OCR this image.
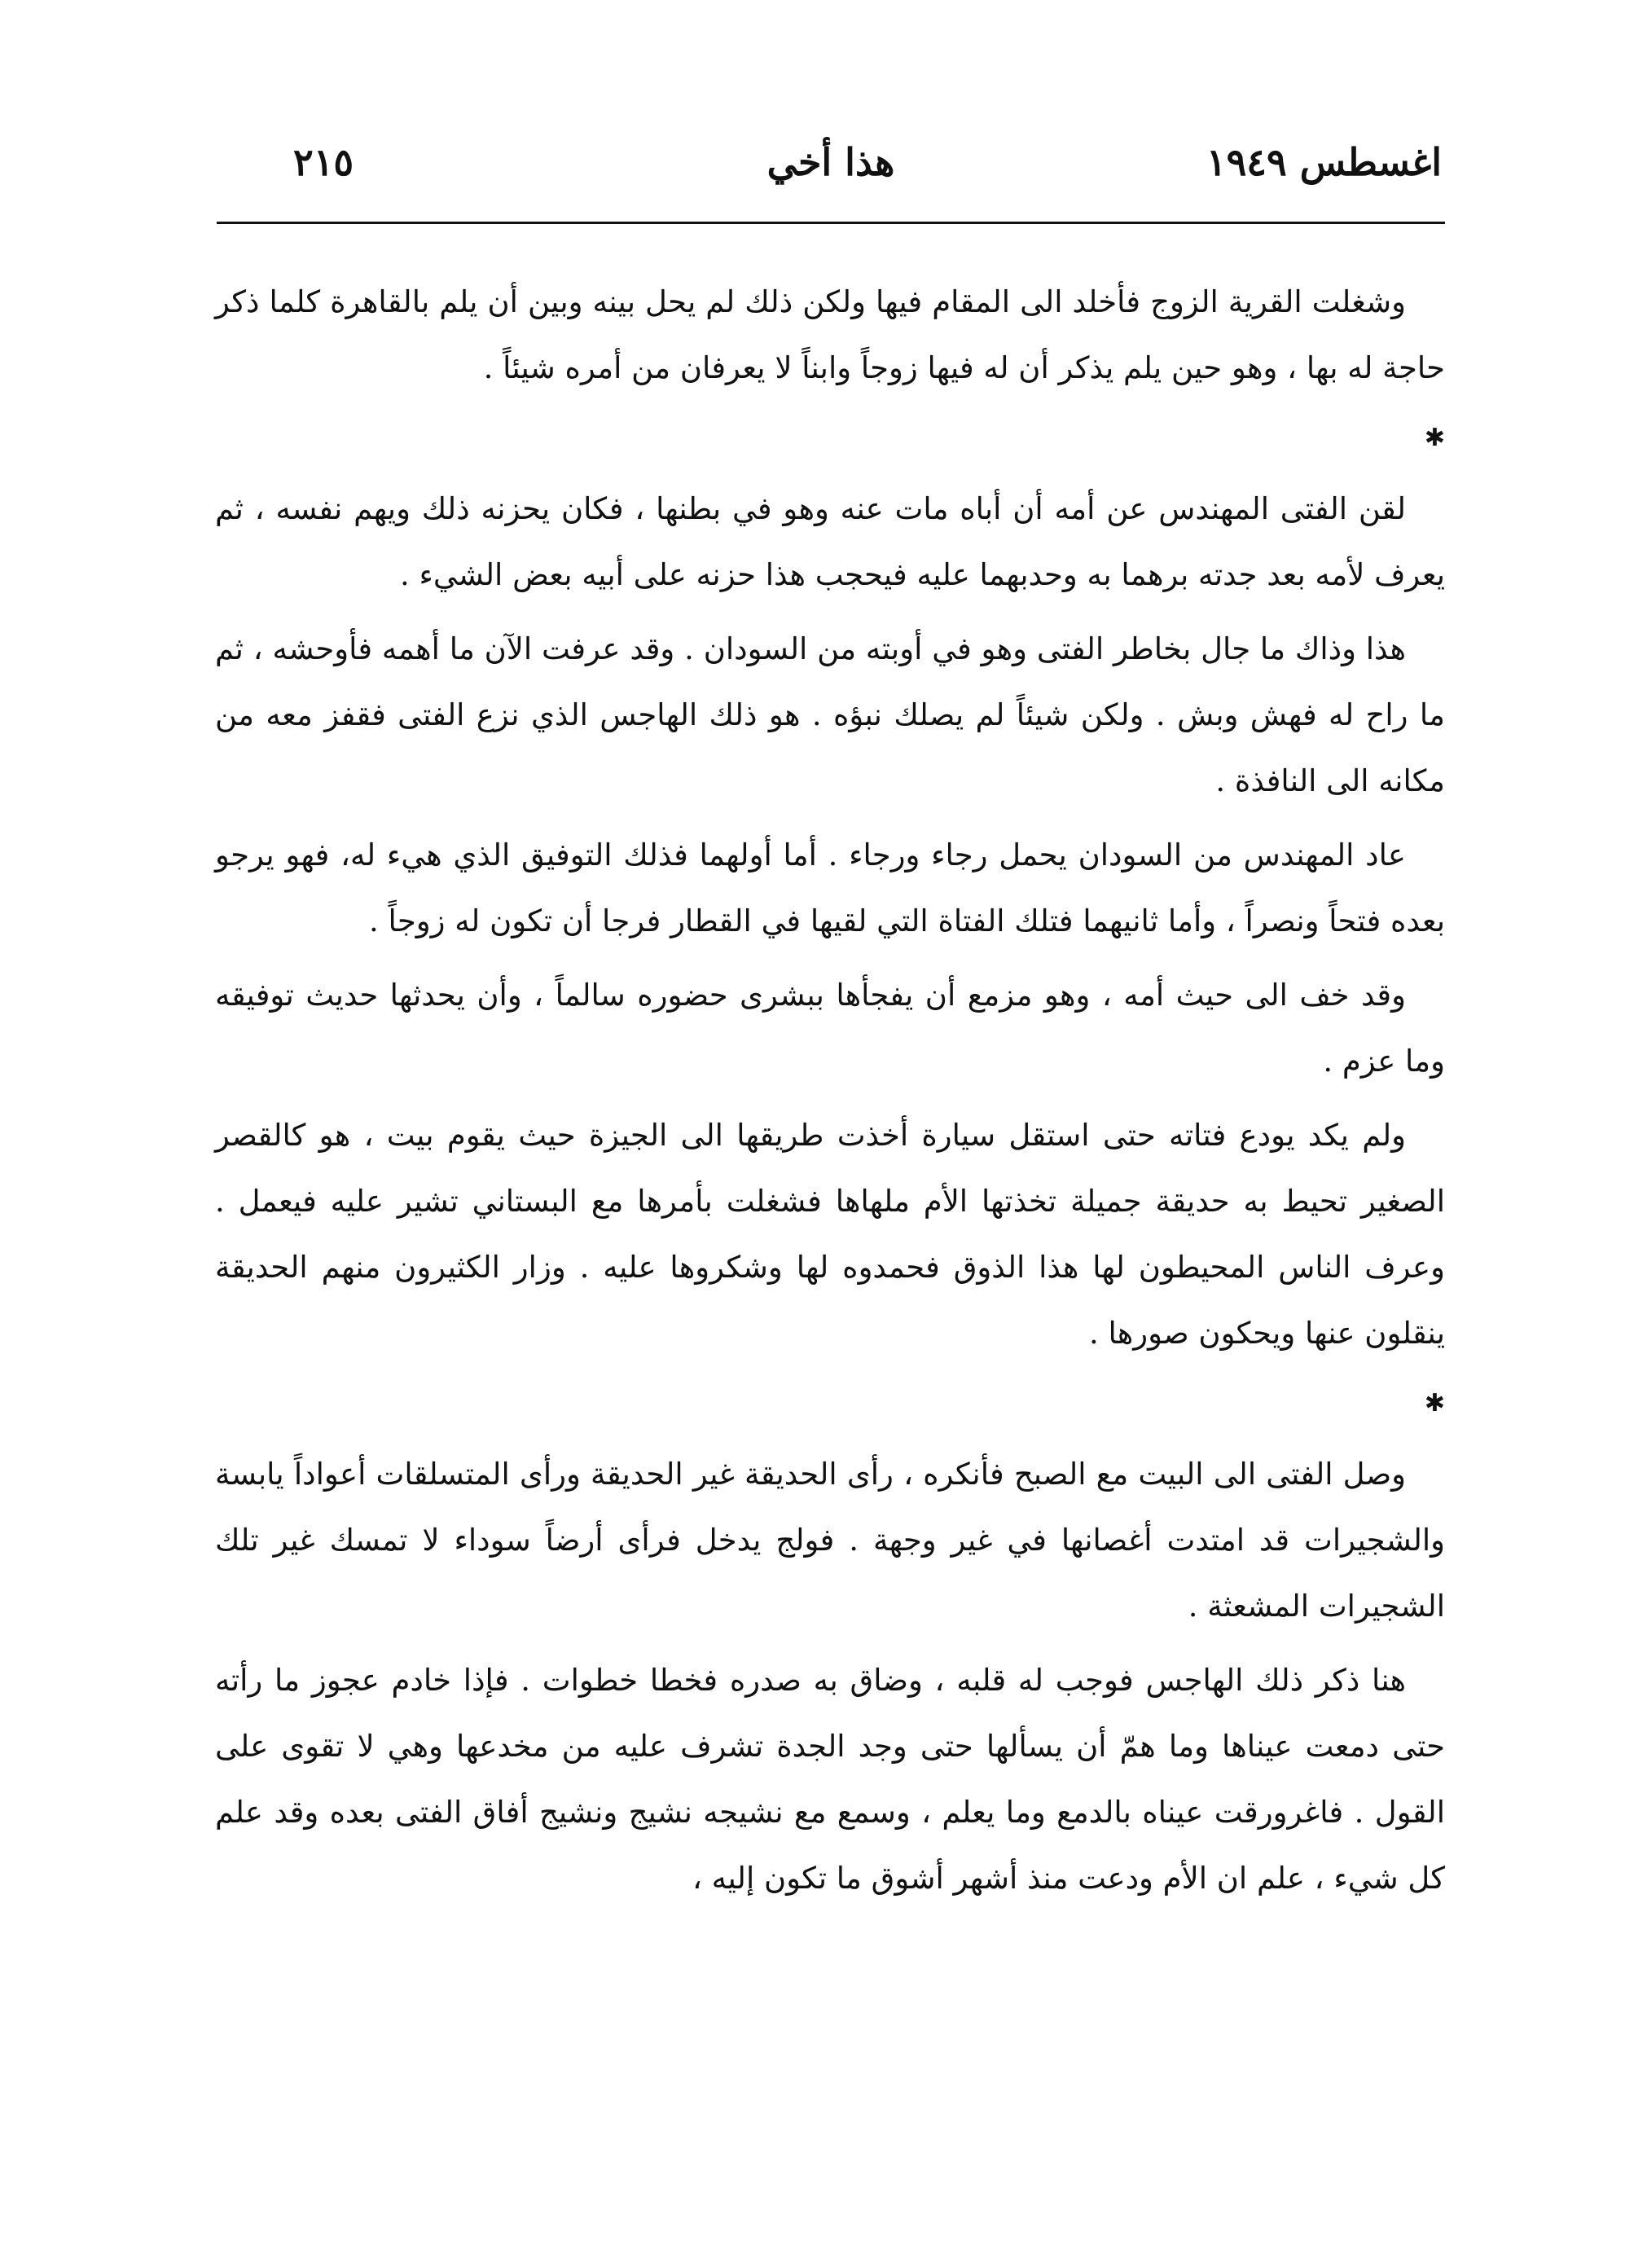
اغسطس ١٩٤٩
هذا أخي
٢١٥

وشغلت القرية الزوج فأخلد الى المقام فيها ولكن ذلك لم يحل بينه وبين أن يلم بالقاهرة كلما ذكر حاجة له بها ، وهو حين يلم يذكر أن له فيها زوجاً وابناً لا يعرفان من أمره شيئاً .

✱

لقن الفتى المهندس عن أمه أن أباه مات عنه وهو في بطنها ، فكان يحزنه ذلك ويهم نفسه ، ثم يعرف لأمه بعد جدته برهما به وحدبهما عليه فيحجب هذا حزنه على أبيه بعض الشيء .

هذا وذاك ما جال بخاطر الفتى وهو في أوبته من السودان . وقد عرفت الآن ما أهمه فأوحشه ، ثم ما راح له فهش وبش . ولكن شيئاً لم يصلك نبؤه . هو ذلك الهاجس الذي نزع الفتى فقفز معه من مكانه الى النافذة .

عاد المهندس من السودان يحمل رجاء ورجاء . أما أولهما فذلك التوفيق الذي هيء له، فهو يرجو بعده فتحاً ونصراً ، وأما ثانيهما فتلك الفتاة التي لقيها في القطار فرجا أن تكون له زوجاً .

وقد خف الى حيث أمه ، وهو مزمع أن يفجأها ببشرى حضوره سالماً ، وأن يحدثها حديث توفيقه وما عزم .

ولم يكد يودع فتاته حتى استقل سيارة أخذت طريقها الى الجيزة حيث يقوم بيت ، هو كالقصر الصغير تحيط به حديقة جميلة تخذتها الأم ملهاها فشغلت بأمرها مع البستاني تشير عليه فيعمل . وعرف الناس المحيطون لها هذا الذوق فحمدوه لها وشكروها عليه . وزار الكثيرون منهم الحديقة ينقلون عنها ويحكون صورها .

✱

وصل الفتى الى البيت مع الصبح فأنكره ، رأى الحديقة غير الحديقة ورأى المتسلقات أعواداً يابسة والشجيرات قد امتدت أغصانها في غير وجهة . فولج يدخل فرأى أرضاً سوداء لا تمسك غير تلك الشجيرات المشعثة .

هنا ذكر ذلك الهاجس فوجب له قلبه ، وضاق به صدره فخطا خطوات . فإذا خادم عجوز ما رأته حتى دمعت عيناها وما همّ أن يسألها حتى وجد الجدة تشرف عليه من مخدعها وهي لا تقوى على القول . فاغرورقت عيناه بالدمع وما يعلم ، وسمع مع نشيجه نشيج ونشيج أفاق الفتى بعده وقد علم كل شيء ، علم ان الأم ودعت منذ أشهر أشوق ما تكون إليه ،
